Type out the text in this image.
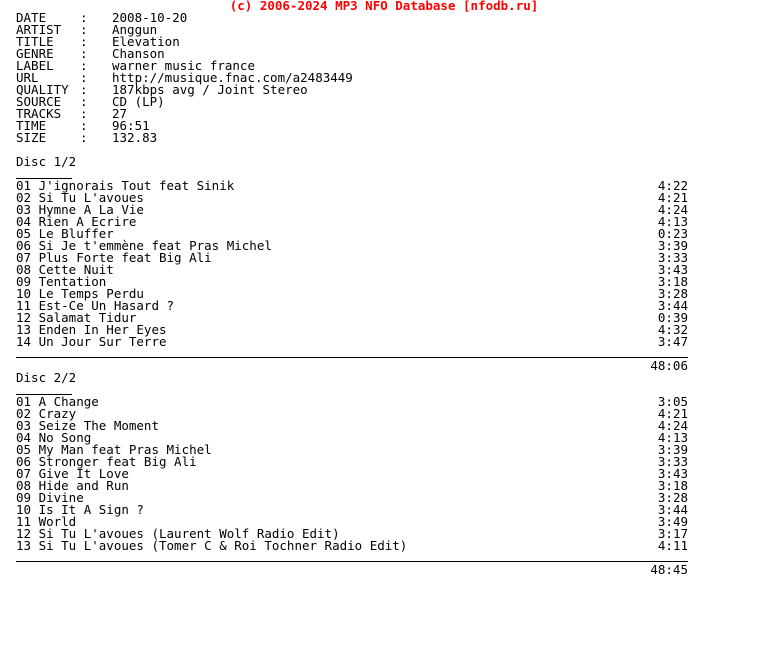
(c) 2006-2024 MP3 NFO Database [nfodb.ru]
DATE	: 2008-10-20
ARTIST : Anggun
TITLE : Elevation
GENRE : Chanson
LABEL : warner music france
URL	: http://musique.fnac.com/a2483449
QUALITY : 187kbps avg / Joint Stereo
SOURCE : CD (LP)
TRACKS : 27
TIME	: 96:51
SIZE	: 132.83
Disc 1/2
01 J'ignorais Tout feat Sinik	4:22
02 Si Tu L'avoues	4:21
03 Hymne A La Vie	4:24
04 Rien A Ecrire	4:13
05 Le Bluffer	0:23
06 Si Je t'emmène feat Pras Michel	3:39
07 Plus Forte feat Big Ali	3:33
08 Cette Nuit	3:43
09 Tentation	3:18
10 Le Temps Perdu	3:28
11 Est-Ce Un Hasard ?	3:44
12 Salamat Tidur	0:39
13 Enden In Her Eyes	4:32
14 Un Jour Sur Terre	3:47
48:06
Disc 2/2
01 A Change	3:05
02 Crazy	4:21
03 Seize The Moment	4:24
04 No Song	4:13
05 My Man feat Pras Michel	3:39
06 Stronger feat Big Ali	3:33
07 Give It Love	3:43
08 Hide and Run	3:18
09 Divine	3:28
10 Is It A Sign ?	3:44
11 World	3:49
12 Si Tu L'avoues (Laurent Wolf Radio Edit)	3:17
13 Si Tu L'avoues (Tomer C & Roi Tochner Radio Edit)	4:11
48:45
